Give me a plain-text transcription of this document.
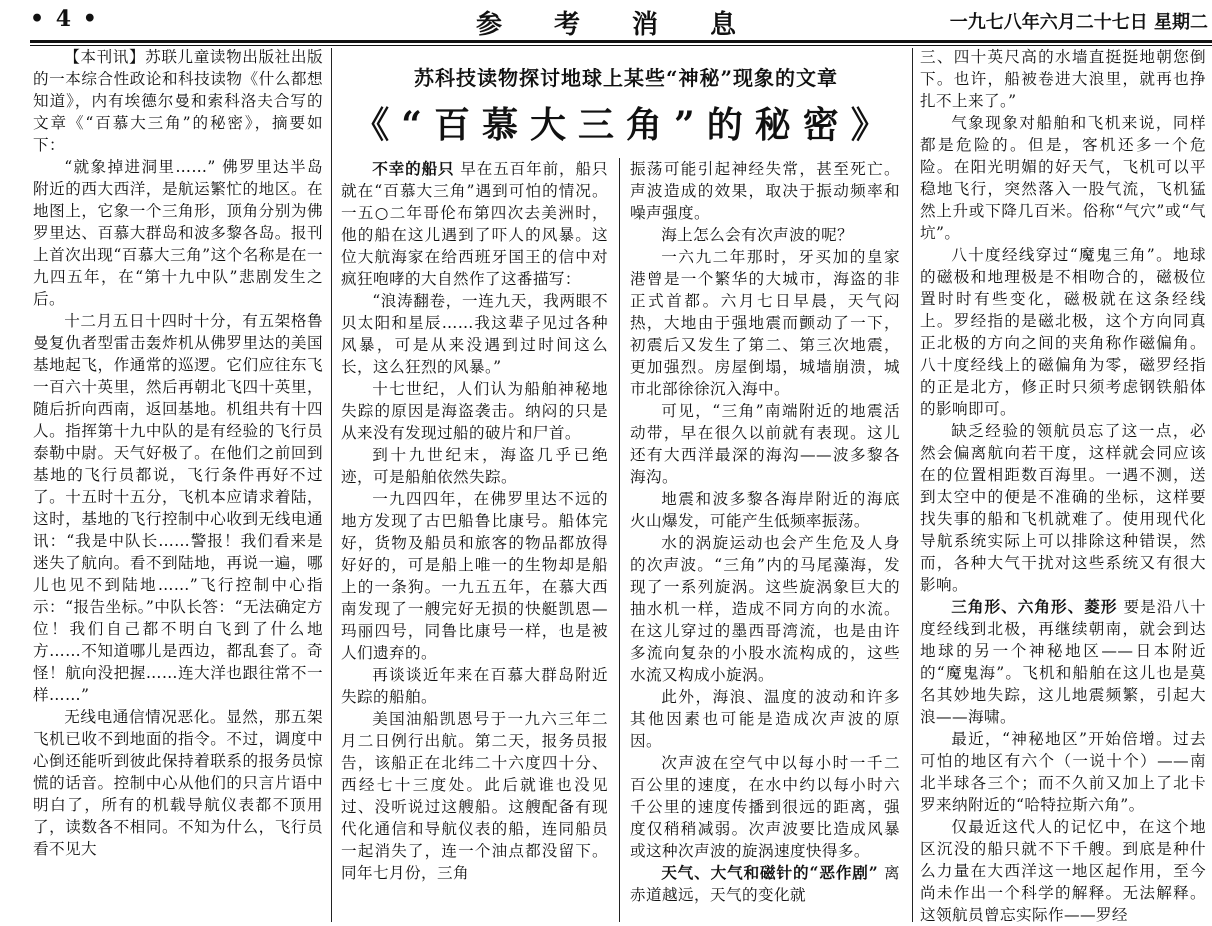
• 4 •	参考消息	一九七八年六月二十七日 星期二
苏科技读物探讨地球上某些“神秘”现象的文章
《“百慕大三角”的秘密》

【本刊讯】苏联儿童读物出版社出版的一本综合性政论和科技读物《什么都想知道》，内有埃德尔曼和索科洛夫合写的文章《“百慕大三角”的秘密》，摘要如下：

“就象掉进洞里……” 佛罗里达半岛附近的西大西洋，是航运繁忙的地区。在地图上，它象一个三角形，顶角分别为佛罗里达、百慕大群岛和波多黎各岛。报刊上首次出现“百慕大三角”这个名称是在一九四五年，在“第十九中队”悲剧发生之后。

十二月五日十四时十分，有五架格鲁曼复仇者型雷击轰炸机从佛罗里达的美国基地起飞，作通常的巡逻。它们应往东飞一百六十英里，然后再朝北飞四十英里，随后折向西南，返回基地。机组共有十四人。指挥第十九中队的是有经验的飞行员泰勒中尉。天气好极了。在他们之前回到基地的飞行员都说，飞行条件再好不过了。十五时十五分，飞机本应请求着陆，这时，基地的飞行控制中心收到无线电通讯：“我是中队长……警报！我们看来是迷失了航向。看不到陆地，再说一遍，哪儿也见不到陆地……”飞行控制中心指示：“报告坐标。”中队长答：“无法确定方位！我们自己都不明白飞到了什么地方……不知道哪儿是西边，都乱套了。奇怪！航向没把握……连大洋也跟往常不一样……”

无线电通信情况恶化。显然，那五架飞机已收不到地面的指令。不过，调度中心倒还能听到彼此保持着联系的报务员惊慌的话音。控制中心从他们的只言片语中明白了，所有的机载导航仪表都不顶用了，读数各不相同。不知为什么，飞行员看不见大

不幸的船只 早在五百年前，船只就在“百慕大三角”遇到可怕的情况。一五○二年哥伦布第四次去美洲时，他的船在这儿遇到了吓人的风暴。这位大航海家在给西班牙国王的信中对疯狂咆哮的大自然作了这番描写：

“浪涛翻卷，一连九天，我两眼不贝太阳和星辰……我这辈子见过各种风暴，可是从来没遇到过时间这么长，这么狂烈的风暴。”

十七世纪，人们认为船舶神秘地失踪的原因是海盗袭击。纳闷的只是从来没有发现过船的破片和尸首。

到十九世纪末，海盗几乎已绝迹，可是船舶依然失踪。

一九四四年，在佛罗里达不远的地方发现了古巴船鲁比康号。船体完好，货物及船员和旅客的物品都放得好好的，可是船上唯一的生物却是船上的一条狗。一九五五年，在慕大西南发现了一艘完好无损的快艇凯恩—玛丽四号，同鲁比康号一样，也是被人们遗弃的。

再谈谈近年来在百慕大群岛附近失踪的船舶。

美国油船凯恩号于一九六三年二月二日例行出航。第二天，报务员报告，该船正在北纬二十六度四十分、西经七十三度处。此后就谁也没见过、没听说过这艘船。这艘配备有现代化通信和导航仪表的船，连同船员一起消失了，连一个油点都没留下。同年七月份，三角

振荡可能引起神经失常，甚至死亡。声波造成的效果，取决于振动频率和噪声强度。

海上怎么会有次声波的呢？

一六九二年那时，牙买加的皇家港曾是一个繁华的大城市，海盗的非正式首都。六月七日早晨，天气闷热，大地由于强地震而颤动了一下，初震后又发生了第二、第三次地震，更加强烈。房屋倒塌，城墙崩溃，城市北部徐徐沉入海中。

可见，“三角”南端附近的地震活动带，早在很久以前就有表现。这儿还有大西洋最深的海沟——波多黎各海沟。

地震和波多黎各海岸附近的海底火山爆发，可能产生低频率振荡。

水的涡旋运动也会产生危及人身的次声波。“三角”内的马尾藻海，发现了一系列旋涡。这些旋涡象巨大的抽水机一样，造成不同方向的水流。在这儿穿过的墨西哥湾流，也是由许多流向复杂的小股水流构成的，这些水流又构成小旋涡。

此外，海浪、温度的波动和许多其他因素也可能是造成次声波的原因。

次声波在空气中以每小时一千二百公里的速度，在水中约以每小时六千公里的速度传播到很远的距离，强度仅稍稍减弱。次声波要比造成风暴或这种次声波的旋涡速度快得多。

天气、大气和磁针的“恶作剧” 离赤道越远，天气的变化就

三、四十英尺高的水墙直挺挺地朝您倒下。也许，船被卷进大浪里，就再也挣扎不上来了。”

气象现象对船舶和飞机来说，同样都是危险的。但是，客机还多一个危险。在阳光明媚的好天气，飞机可以平稳地飞行，突然落入一股气流，飞机猛然上升或下降几百米。俗称“气穴”或“气坑”。

八十度经线穿过“魔鬼三角”。地球的磁极和地理极是不相吻合的，磁极位置时时有些变化，磁极就在这条经线上。罗经指的是磁北极，这个方向同真正北极的方向之间的夹角称作磁偏角。八十度经线上的磁偏角为零，磁罗经指的正是北方，修正时只须考虑钢铁船体的影响即可。

缺乏经验的领航员忘了这一点，必然会偏离航向若干度，这样就会同应该在的位置相距数百海里。一遇不测，送到太空中的便是不准确的坐标，这样要找失事的船和飞机就难了。使用现代化导航系统实际上可以排除这种错误，然而，各种大气干扰对这些系统又有很大影响。

三角形、六角形、菱形 要是沿八十度经线到北极，再继续朝南，就会到达地球的另一个神秘地区——日本附近的“魔鬼海”。飞机和船舶在这儿也是莫名其妙地失踪，这儿地震频繁，引起大浪——海啸。

最近，“神秘地区”开始倍增。过去可怕的地区有六个（一说十个）——南北半球各三个；而不久前又加上了北卡罗来纳附近的“哈特拉斯六角”。

仅最近这代人的记忆中，在这个地区沉没的船只就不下千艘。到底是种什么力量在大西洋这一地区起作用，至今尚未作出一个科学的解释。无法解释。这领航员曾忘实际作——罗经
